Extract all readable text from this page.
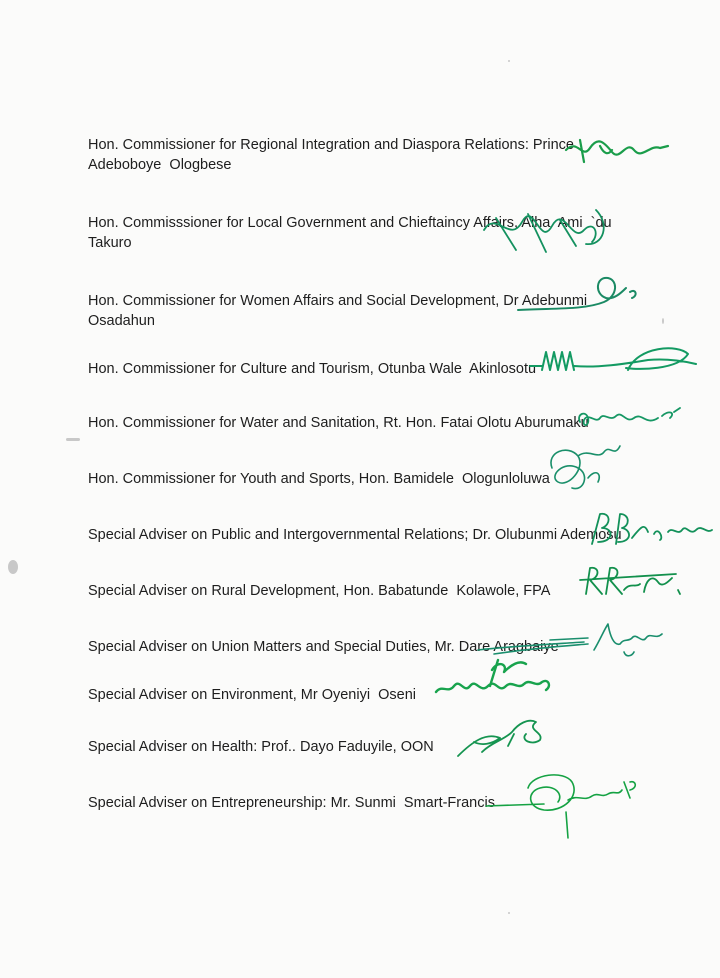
Hon. Commissioner for Regional Integration and Diaspora Relations: Prince
Adeboboye  Ologbese
Hon. Commisssioner for Local Government and Chieftaincy Affairs, Alha  Ami  `du
Takuro
Hon. Commissioner for Women Affairs and Social Development, Dr Adebunmi
Osadahun
Hon. Commissioner for Culture and Tourism, Otunba Wale  Akinlosotu
Hon. Commissioner for Water and Sanitation, Rt. Hon. Fatai Olotu Aburumaku
Hon. Commissioner for Youth and Sports, Hon. Bamidele  Ologunloluwa
Special Adviser on Public and Intergovernmental Relations; Dr. Olubunmi Ademosu
Special Adviser on Rural Development, Hon. Babatunde  Kolawole, FPA
Special Adviser on Union Matters and Special Duties, Mr. Dare Aragbaiye
Special Adviser on Environment, Mr Oyeniyi  Oseni
Special Adviser on Health: Prof.. Dayo Faduyile, OON
Special Adviser on Entrepreneurship: Mr. Sunmi  Smart-Francis
